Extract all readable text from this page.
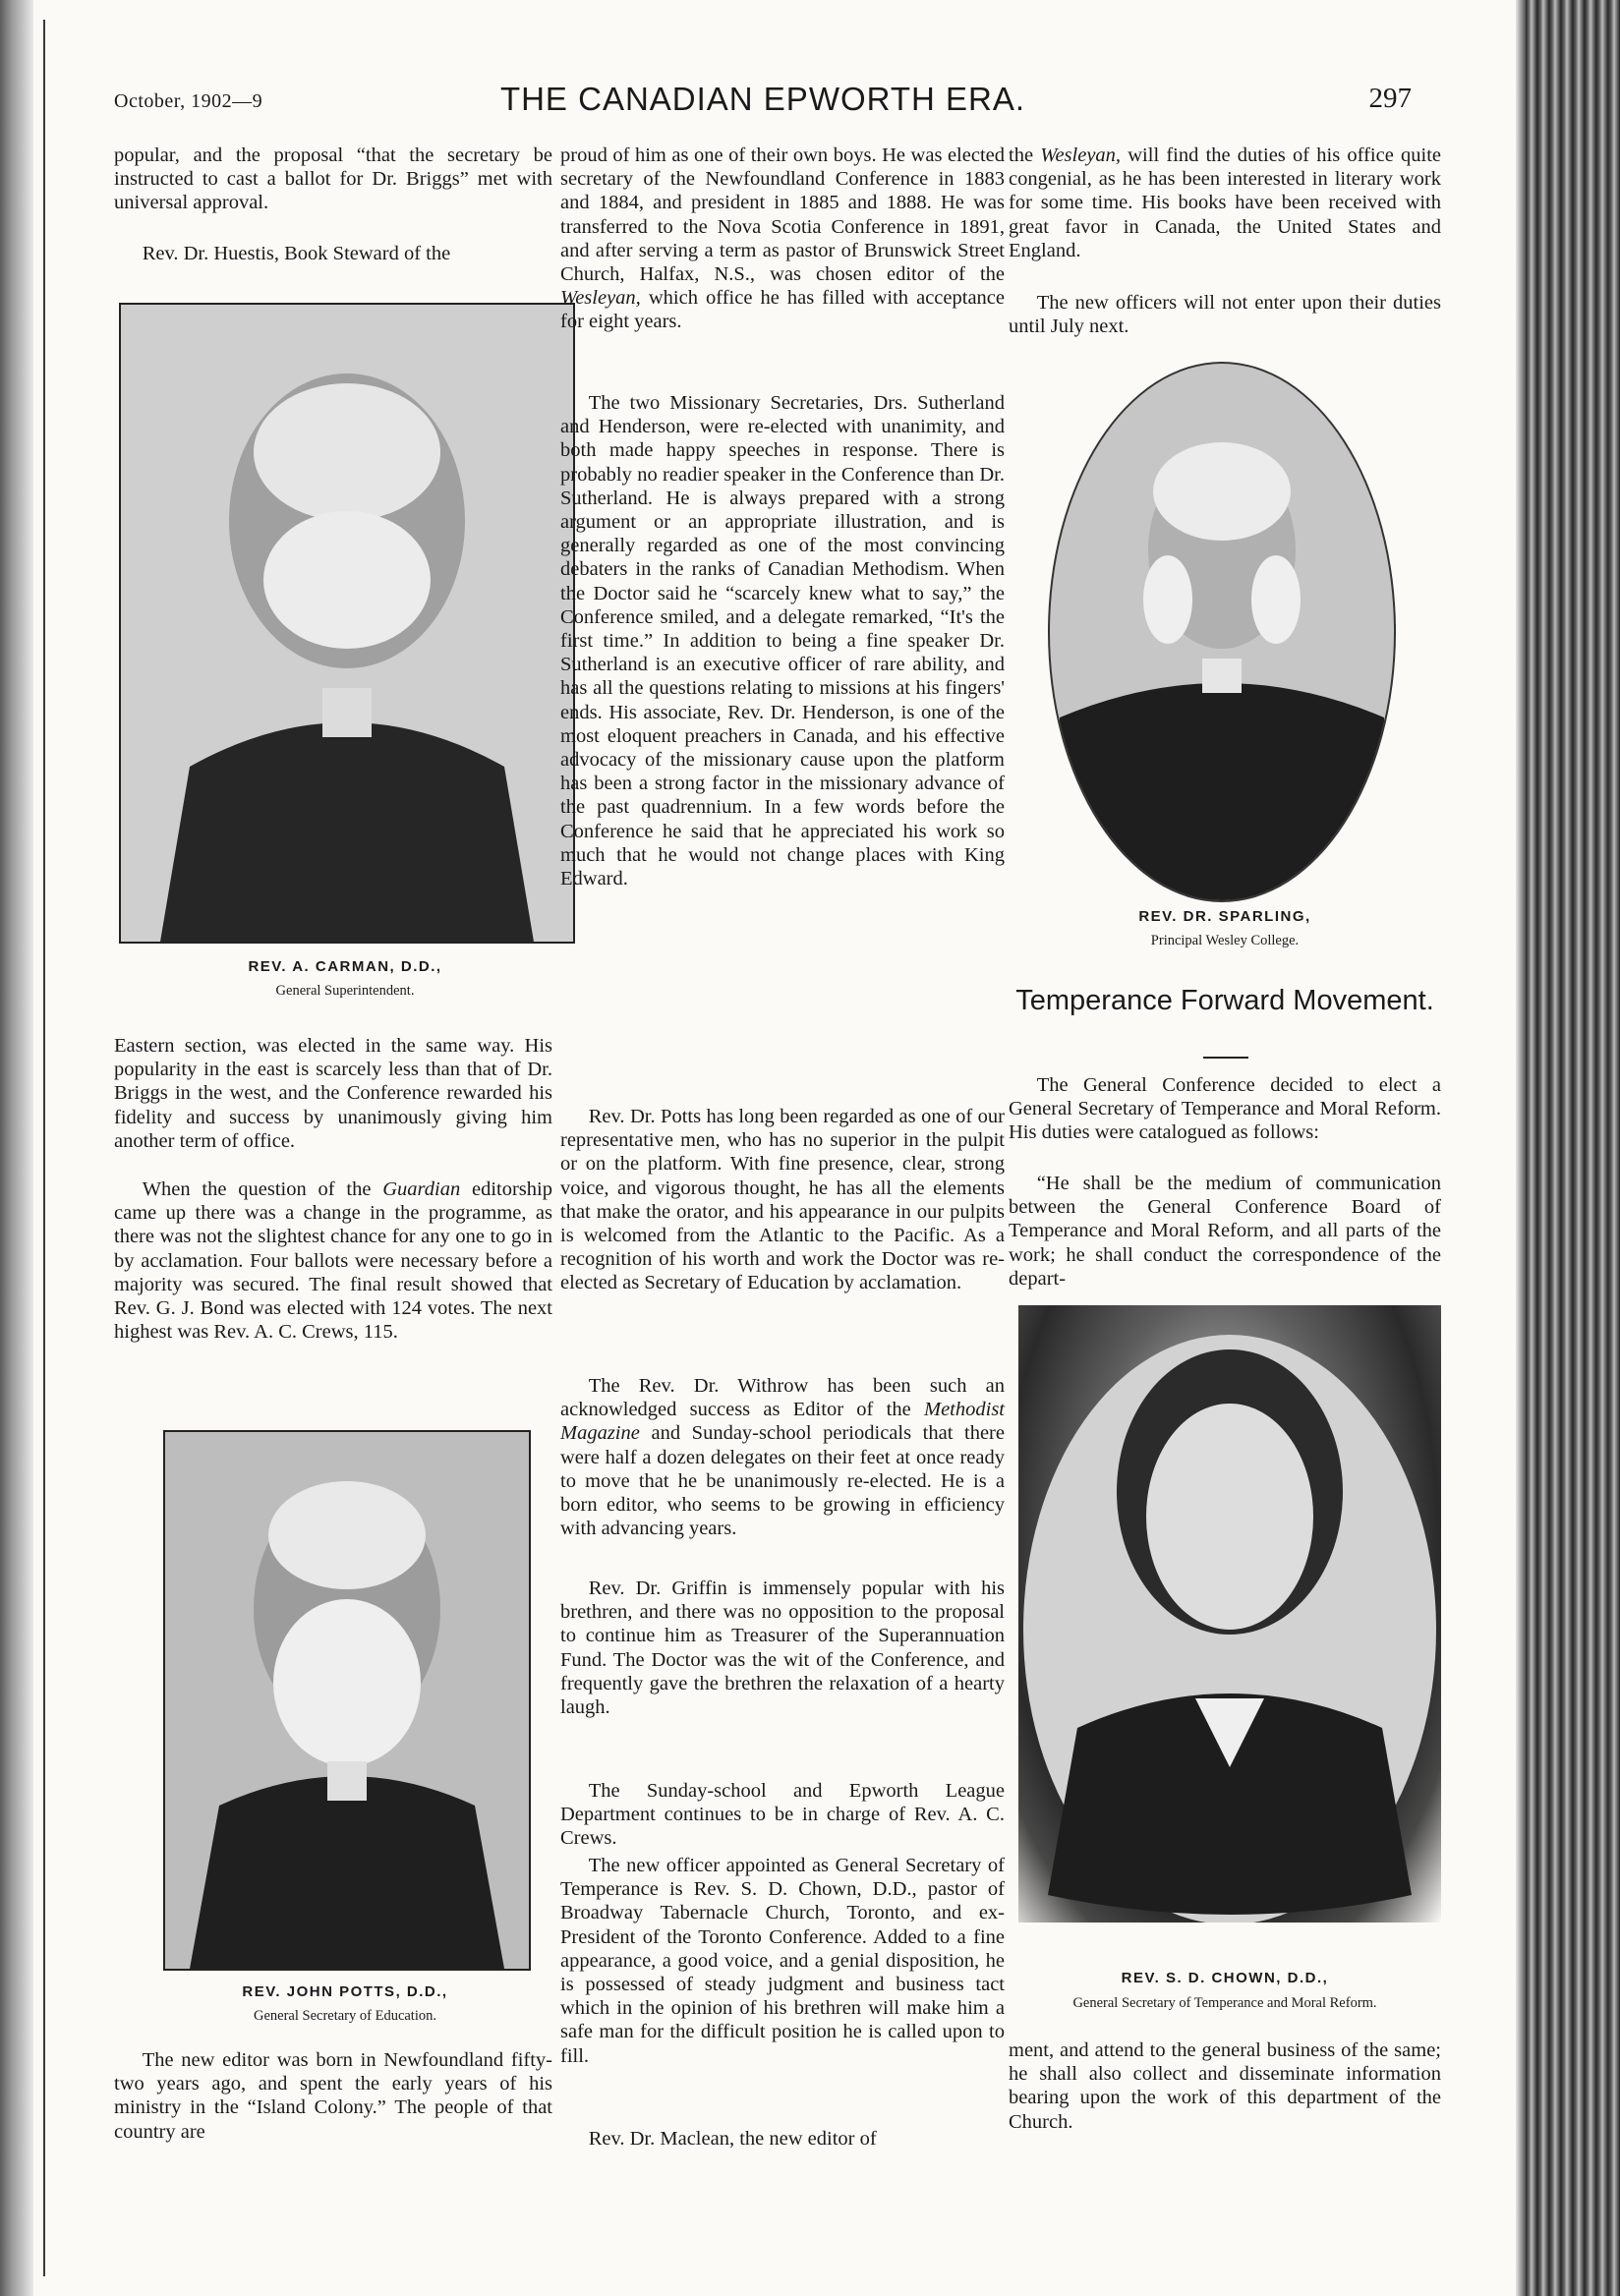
October, 1902—9	THE CANADIAN EPWORTH ERA.	297

popular, and the proposal “that the secretary be instructed to cast a ballot for Dr. Briggs” met with universal approval.

Rev. Dr. Huestis, Book Steward of the

REV. A. CARMAN, D.D.,
General Superintendent.

Eastern section, was elected in the same way. His popularity in the east is scarcely less than that of Dr. Briggs in the west, and the Conference rewarded his fidelity and success by unanimously giving him another term of office.

When the question of the Guardian editorship came up there was a change in the programme, as there was not the slightest chance for any one to go in by acclamation. Four ballots were necessary before a majority was secured. The final result showed that Rev. G. J. Bond was elected with 124 votes. The next highest was Rev. A. C. Crews, 115.

REV. JOHN POTTS, D.D.,
General Secretary of Education.

The new editor was born in Newfoundland fifty-two years ago, and spent the early years of his ministry in the “Island Colony.” The people of that country are

proud of him as one of their own boys. He was elected secretary of the Newfoundland Conference in 1883 and 1884, and president in 1885 and 1888. He was transferred to the Nova Scotia Conference in 1891, and after serving a term as pastor of Brunswick Street Church, Halfax, N.S., was chosen editor of the Wesleyan, which office he has filled with acceptance for eight years.

The two Missionary Secretaries, Drs. Sutherland and Henderson, were re-elected with unanimity, and both made happy speeches in response. There is probably no readier speaker in the Conference than Dr. Sutherland. He is always prepared with a strong argument or an appropriate illustration, and is generally regarded as one of the most convincing debaters in the ranks of Canadian Methodism. When the Doctor said he “scarcely knew what to say,” the Conference smiled, and a delegate remarked, “It's the first time.” In addition to being a fine speaker Dr. Sutherland is an executive officer of rare ability, and has all the questions relating to missions at his fingers' ends. His associate, Rev. Dr. Henderson, is one of the most eloquent preachers in Canada, and his effective advocacy of the missionary cause upon the platform has been a strong factor in the missionary advance of the past quadrennium. In a few words before the Conference he said that he appreciated his work so much that he would not change places with King Edward.

Rev. Dr. Potts has long been regarded as one of our representative men, who has no superior in the pulpit or on the platform. With fine presence, clear, strong voice, and vigorous thought, he has all the elements that make the orator, and his appearance in our pulpits is welcomed from the Atlantic to the Pacific. As a recognition of his worth and work the Doctor was re-elected as Secretary of Education by acclamation.

The Rev. Dr. Withrow has been such an acknowledged success as Editor of the Methodist Magazine and Sunday-school periodicals that there were half a dozen delegates on their feet at once ready to move that he be unanimously re-elected. He is a born editor, who seems to be growing in efficiency with advancing years.

Rev. Dr. Griffin is immensely popular with his brethren, and there was no opposition to the proposal to continue him as Treasurer of the Superannuation Fund. The Doctor was the wit of the Conference, and frequently gave the brethren the relaxation of a hearty laugh.

The Sunday-school and Epworth League Department continues to be in charge of Rev. A. C. Crews.

The new officer appointed as General Secretary of Temperance is Rev. S. D. Chown, D.D., pastor of Broadway Tabernacle Church, Toronto, and ex-President of the Toronto Conference. Added to a fine appearance, a good voice, and a genial disposition, he is possessed of steady judgment and business tact which in the opinion of his brethren will make him a safe man for the difficult position he is called upon to fill.

Rev. Dr. Maclean, the new editor of

the Wesleyan, will find the duties of his office quite congenial, as he has been interested in literary work for some time. His books have been received with great favor in Canada, the United States and England.

The new officers will not enter upon their duties until July next.

REV. DR. SPARLING,
Principal Wesley College.
Temperance Forward Movement.

The General Conference decided to elect a General Secretary of Temperance and Moral Reform. His duties were catalogued as follows:

“He shall be the medium of communication between the General Conference Board of Temperance and Moral Reform, and all parts of the work; he shall conduct the correspondence of the depart-

REV. S. D. CHOWN, D.D.,
General Secretary of Temperance and Moral Reform.

ment, and attend to the general business of the same; he shall also collect and disseminate information bearing upon the work of this department of the Church.
